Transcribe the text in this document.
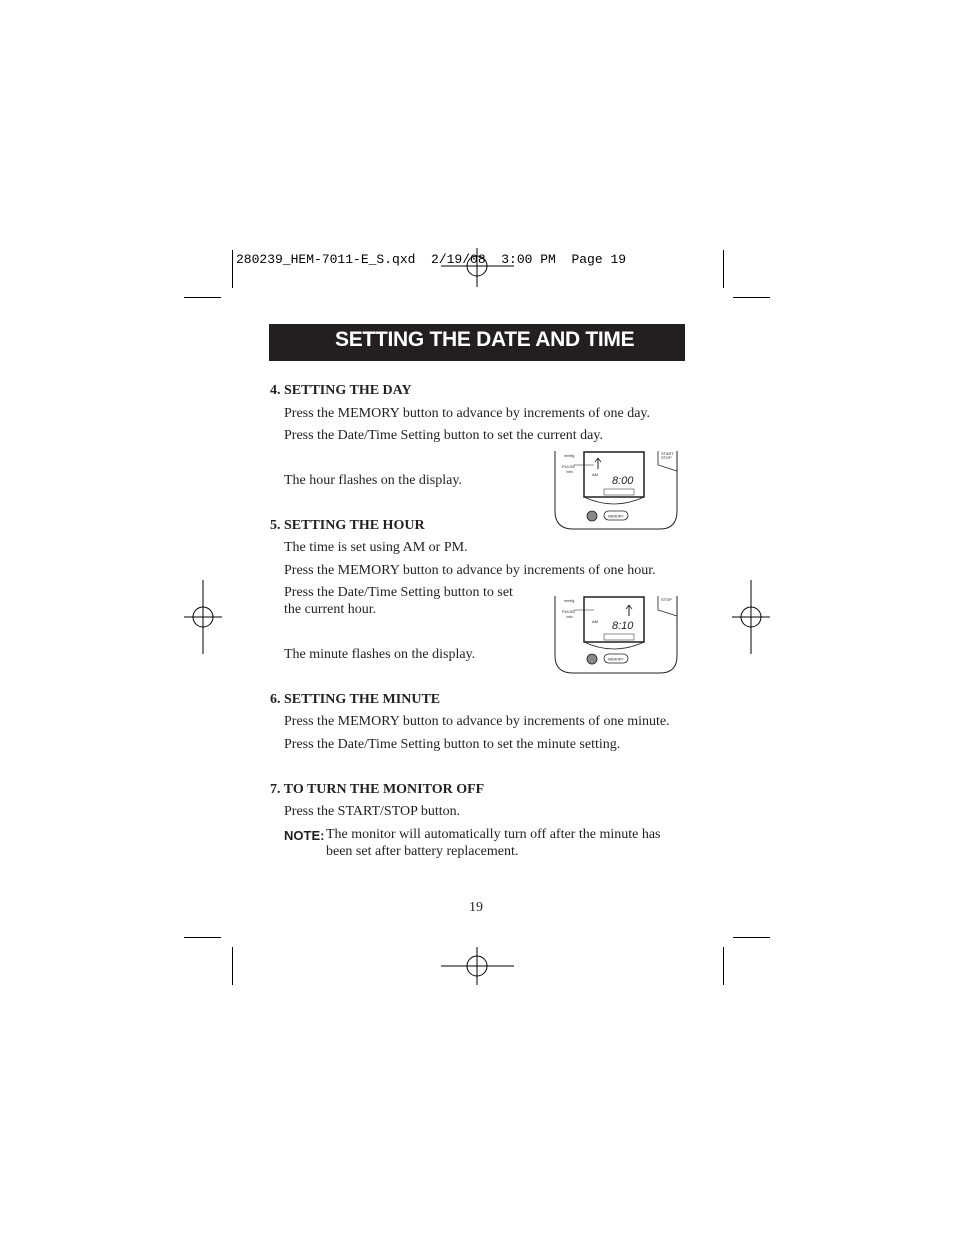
280239_HEM-7011-E_S.qxd  2/19/08  3:00 PM  Page 19
SETTING THE DATE AND TIME
4. SETTING THE DAY
Press the MEMORY button to advance by increments of one day.
Press the Date/Time Setting button to set the current day.
The hour flashes on the display.
5. SETTING THE HOUR
The time is set using AM or PM.
Press the MEMORY button to advance by increments of one hour.
Press the Date/Time Setting button to set
the current hour.
The minute flashes on the display.
6. SETTING THE MINUTE
Press the MEMORY button to advance by increments of one minute.
Press the Date/Time Setting button to set the minute setting.
7. TO TURN THE MONITOR OFF
Press the START/STOP button.
NOTE: The monitor will automatically turn off after the minute has
been set after battery replacement.
START
STOP
mmHg
PULSE
/min	AM
8:00
MEMORY
STOP
mmHg
PULSE
/min
AM 8:10
MEMORY
19
